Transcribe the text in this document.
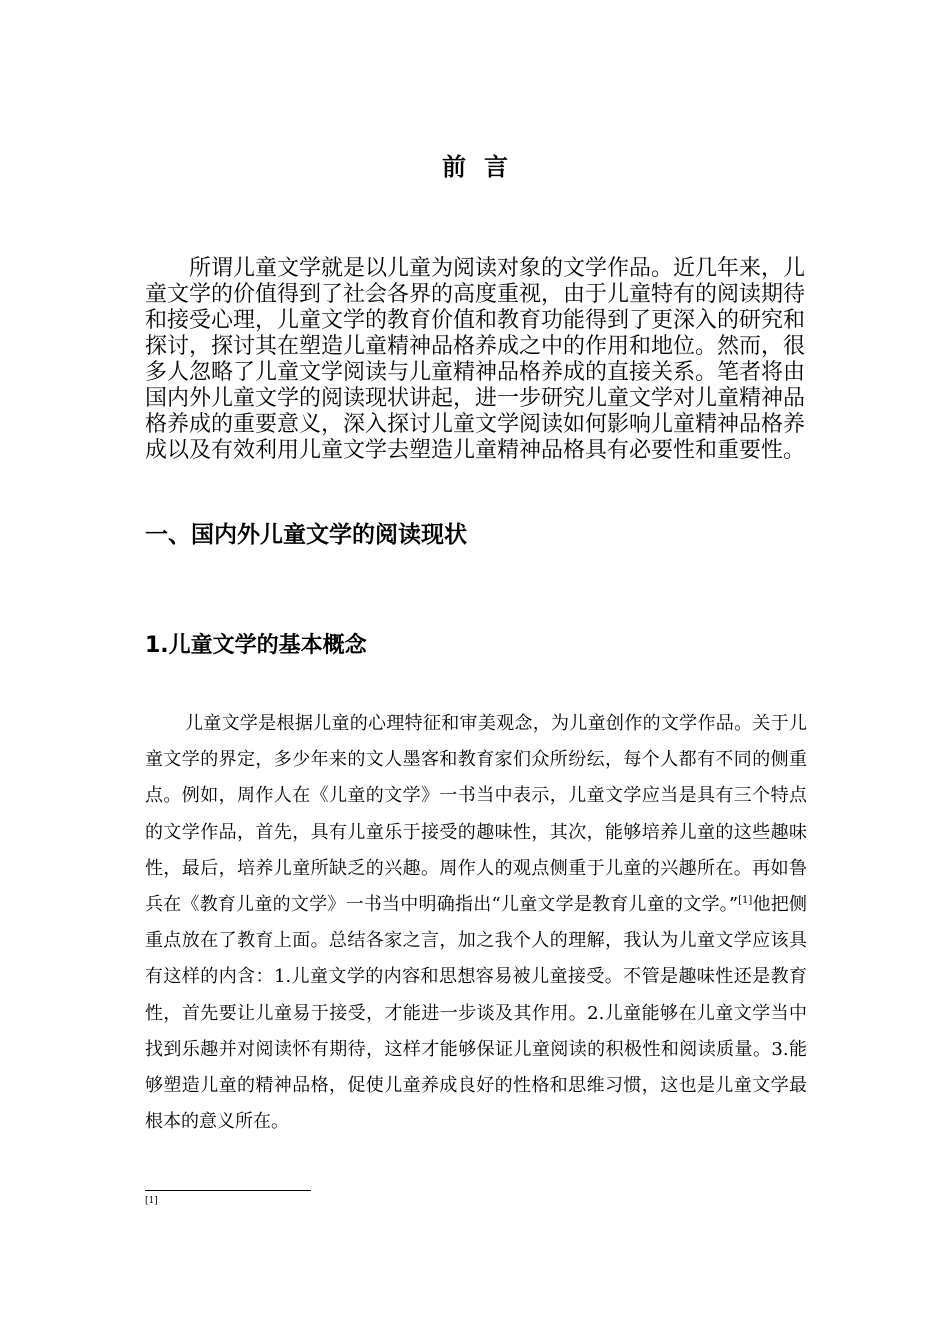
前言

所谓儿童文学就是以儿童为阅读对象的文学作品。近几年来，儿童文学的价值得到了社会各界的高度重视，由于儿童特有的阅读期待和接受心理，儿童文学的教育价值和教育功能得到了更深入的研究和探讨，探讨其在塑造儿童精神品格养成之中的作用和地位。然而，很多人忽略了儿童文学阅读与儿童精神品格养成的直接关系。笔者将由国内外儿童文学的阅读现状讲起，进一步研究儿童文学对儿童精神品格养成的重要意义，深入探讨儿童文学阅读如何影响儿童精神品格养成以及有效利用儿童文学去塑造儿童精神品格具有必要性和重要性。

一、国内外儿童文学的阅读现状
1.儿童文学的基本概念

儿童文学是根据儿童的心理特征和审美观念，为儿童创作的文学作品。关于儿童文学的界定，多少年来的文人墨客和教育家们众所纷纭，每个人都有不同的侧重点。例如，周作人在《儿童的文学》一书当中表示，儿童文学应当是具有三个特点的文学作品，首先，具有儿童乐于接受的趣味性，其次，能够培养儿童的这些趣味性，最后，培养儿童所缺乏的兴趣。周作人的观点侧重于儿童的兴趣所在。再如鲁兵在《教育儿童的文学》一书当中明确指出“儿童文学是教育儿童的文学。”[1]他把侧重点放在了教育上面。总结各家之言，加之我个人的理解，我认为儿童文学应该具有这样的内含：1.儿童文学的内容和思想容易被儿童接受。不管是趣味性还是教育性，首先要让儿童易于接受，才能进一步谈及其作用。2.儿童能够在儿童文学当中找到乐趣并对阅读怀有期待，这样才能够保证儿童阅读的积极性和阅读质量。3.能够塑造儿童的精神品格，促使儿童养成良好的性格和思维习惯，这也是儿童文学最根本的意义所在。

[1]
